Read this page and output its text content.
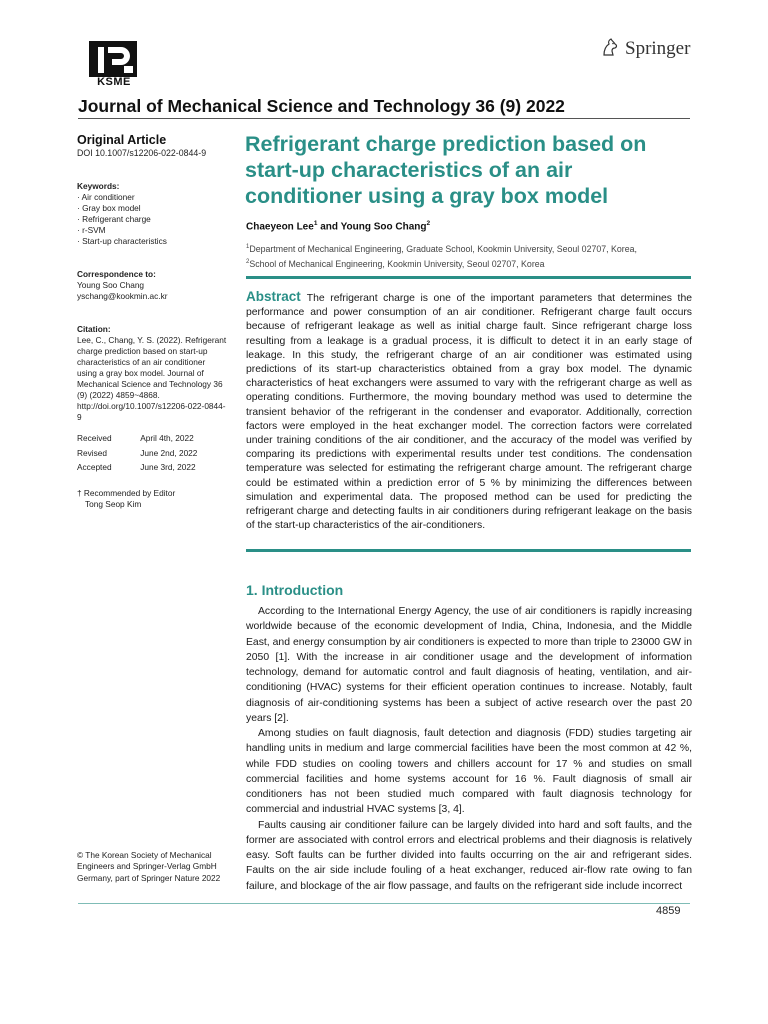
KSME
Springer
Journal of Mechanical Science and Technology 36 (9) 2022
Original Article
DOI 10.1007/s12206-022-0844-9
Keywords:
· Air conditioner
· Gray box model
· Refrigerant charge
· r-SVM
· Start-up characteristics
Correspondence to:
Young Soo Chang
yschang@kookmin.ac.kr
Citation:
Lee, C., Chang, Y. S. (2022). Refrigerant charge prediction based on start-up characteristics of an air conditioner using a gray box model. Journal of Mechanical Science and Technology 36 (9) (2022) 4859~4868.
http://doi.org/10.1007/s12206-022-0844-9
Received	April 4th, 2022
Revised	June 2nd, 2022
Accepted	June 3rd, 2022
† Recommended by Editor
Tong Seop Kim
© The Korean Society of Mechanical Engineers and Springer-Verlag GmbH Germany, part of Springer Nature 2022
Refrigerant charge prediction based on start-up characteristics of an air conditioner using a gray box model
Chaeyeon Lee$^1$ and Young Soo Chang$^2$
$^1$Department of Mechanical Engineering, Graduate School, Kookmin University, Seoul 02707, Korea,
$^2$School of Mechanical Engineering, Kookmin University, Seoul 02707, Korea
Abstract The refrigerant charge is one of the important parameters that determines the performance and power consumption of an air conditioner. Refrigerant charge fault occurs because of refrigerant leakage as well as initial charge fault. Since refrigerant charge loss resulting from a leakage is a gradual process, it is difficult to detect it in an early stage of leakage. In this study, the refrigerant charge of an air conditioner was estimated using predictions of its start-up characteristics obtained from a gray box model. The dynamic characteristics of heat exchangers were assumed to vary with the refrigerant charge as well as operating conditions. Furthermore, the moving boundary method was used to determine the transient behavior of the refrigerant in the condenser and evaporator. Additionally, correction factors were employed in the heat exchanger model. The correction factors were correlated under training conditions of the air conditioner, and the accuracy of the model was verified by comparing its predictions with experimental results under test conditions. The condensation temperature was selected for estimating the refrigerant charge amount. The refrigerant charge could be estimated within a prediction error of 5 % by minimizing the differences between simulation and experimental data. The proposed method can be used for predicting the refrigerant charge and detecting faults in air conditioners during refrigerant leakage on the basis of the start-up characteristics of the air-conditioners.
1. Introduction

According to the International Energy Agency, the use of air conditioners is rapidly increasing worldwide because of the economic development of India, China, Indonesia, and the Middle East, and energy consumption by air conditioners is expected to more than triple to 23000 GW in 2050 [1]. With the increase in air conditioner usage and the development of information technology, demand for automatic control and fault diagnosis of heating, ventilation, and air-conditioning (HVAC) systems for their efficient operation continues to increase. Notably, fault diagnosis of air-conditioning systems has been a subject of active research over the past 20 years [2].

Among studies on fault diagnosis, fault detection and diagnosis (FDD) studies targeting air handling units in medium and large commercial facilities have been the most common at 42 %, while FDD studies on cooling towers and chillers account for 17 % and studies on small commercial facilities and home systems account for 16 %. Fault diagnosis of small air conditioners has not been studied much compared with fault diagnosis technology for commercial and industrial HVAC systems [3, 4].

Faults causing air conditioner failure can be largely divided into hard and soft faults, and the former are associated with control errors and electrical problems and their diagnosis is relatively easy. Soft faults can be further divided into faults occurring on the air and refrigerant sides. Faults on the air side include fouling of a heat exchanger, reduced air-flow rate owing to fan failure, and blockage of the air flow passage, and faults on the refrigerant side include incorrect

4859
